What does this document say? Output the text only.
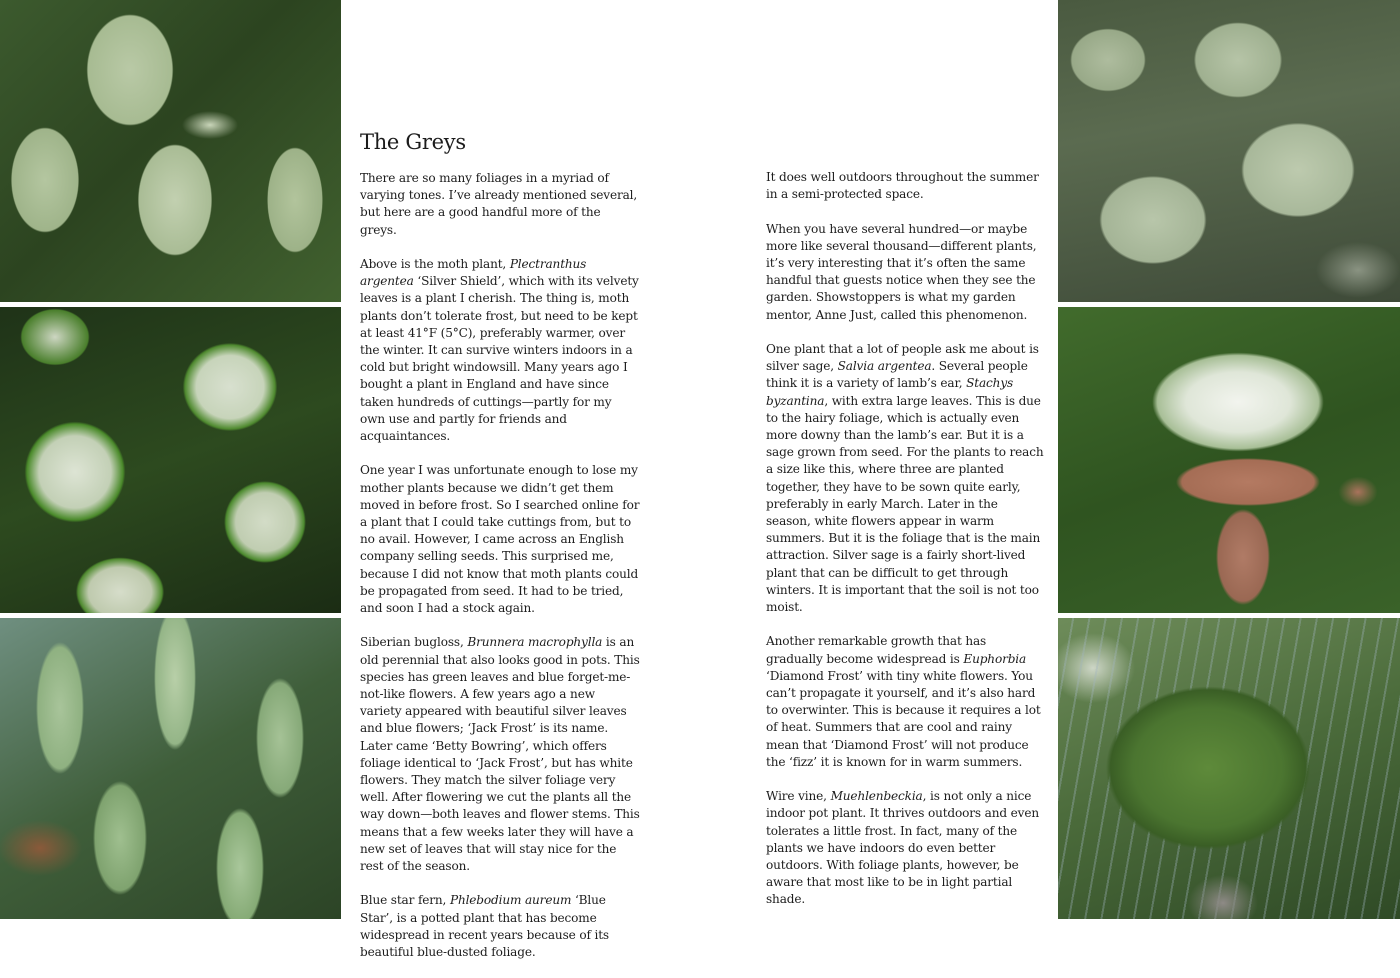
The Greys

There are so many foliages in a myriad of varying tones. I’ve already mentioned several, but here are a good handful more of the greys.

Above is the moth plant, Plectranthus argentea ‘Silver Shield’, which with its velvety leaves is a plant I cherish. The thing is, moth plants don’t tolerate frost, but need to be kept at least 41°F (5°C), preferably warmer, over the winter. It can survive winters indoors in a cold but bright windowsill. Many years ago I bought a plant in England and have since taken hundreds of cuttings—partly for my own use and partly for friends and acquaintances.

One year I was unfortunate enough to lose my mother plants because we didn’t get them moved in before frost. So I searched online for a plant that I could take cuttings from, but to no avail. However, I came across an English company selling seeds. This surprised me, because I did not know that moth plants could be propagated from seed. It had to be tried, and soon I had a stock again.

Siberian bugloss, Brunnera macrophylla is an old perennial that also looks good in pots. This species has green leaves and blue forget-me-not-like flowers. A few years ago a new variety appeared with beautiful silver leaves and blue flowers; ‘Jack Frost’ is its name. Later came ‘Betty Bowring’, which offers foliage identical to ‘Jack Frost’, but has white flowers. They match the silver foliage very well. After flowering we cut the plants all the way down—both leaves and flower stems. This means that a few weeks later they will have a new set of leaves that will stay nice for the rest of the season.

Blue star fern, Phlebodium aureum ‘Blue Star’, is a potted plant that has become widespread in recent years because of its beautiful blue-dusted foliage.

It does well outdoors throughout the summer in a semi-protected space.

When you have several hundred—or maybe more like several thousand—different plants, it’s very interesting that it’s often the same handful that guests notice when they see the garden. Showstoppers is what my garden mentor, Anne Just, called this phenomenon.

One plant that a lot of people ask me about is silver sage, Salvia argentea. Several people think it is a variety of lamb’s ear, Stachys byzantina, with extra large leaves. This is due to the hairy foliage, which is actually even more downy than the lamb’s ear. But it is a sage grown from seed. For the plants to reach a size like this, where three are planted together, they have to be sown quite early, preferably in early March. Later in the season, white flowers appear in warm summers. But it is the foliage that is the main attraction. Silver sage is a fairly short-lived plant that can be difficult to get through winters. It is important that the soil is not too moist.

Another remarkable growth that has gradually become widespread is Euphorbia ‘Diamond Frost’ with tiny white flowers. You can’t propagate it yourself, and it’s also hard to overwinter. This is because it requires a lot of heat. Summers that are cool and rainy mean that ‘Diamond Frost’ will not produce the ‘fizz’ it is known for in warm summers.

Wire vine, Muehlenbeckia, is not only a nice indoor pot plant. It thrives outdoors and even tolerates a little frost. In fact, many of the plants we have indoors do even better outdoors. With foliage plants, however, be aware that most like to be in light partial shade.
